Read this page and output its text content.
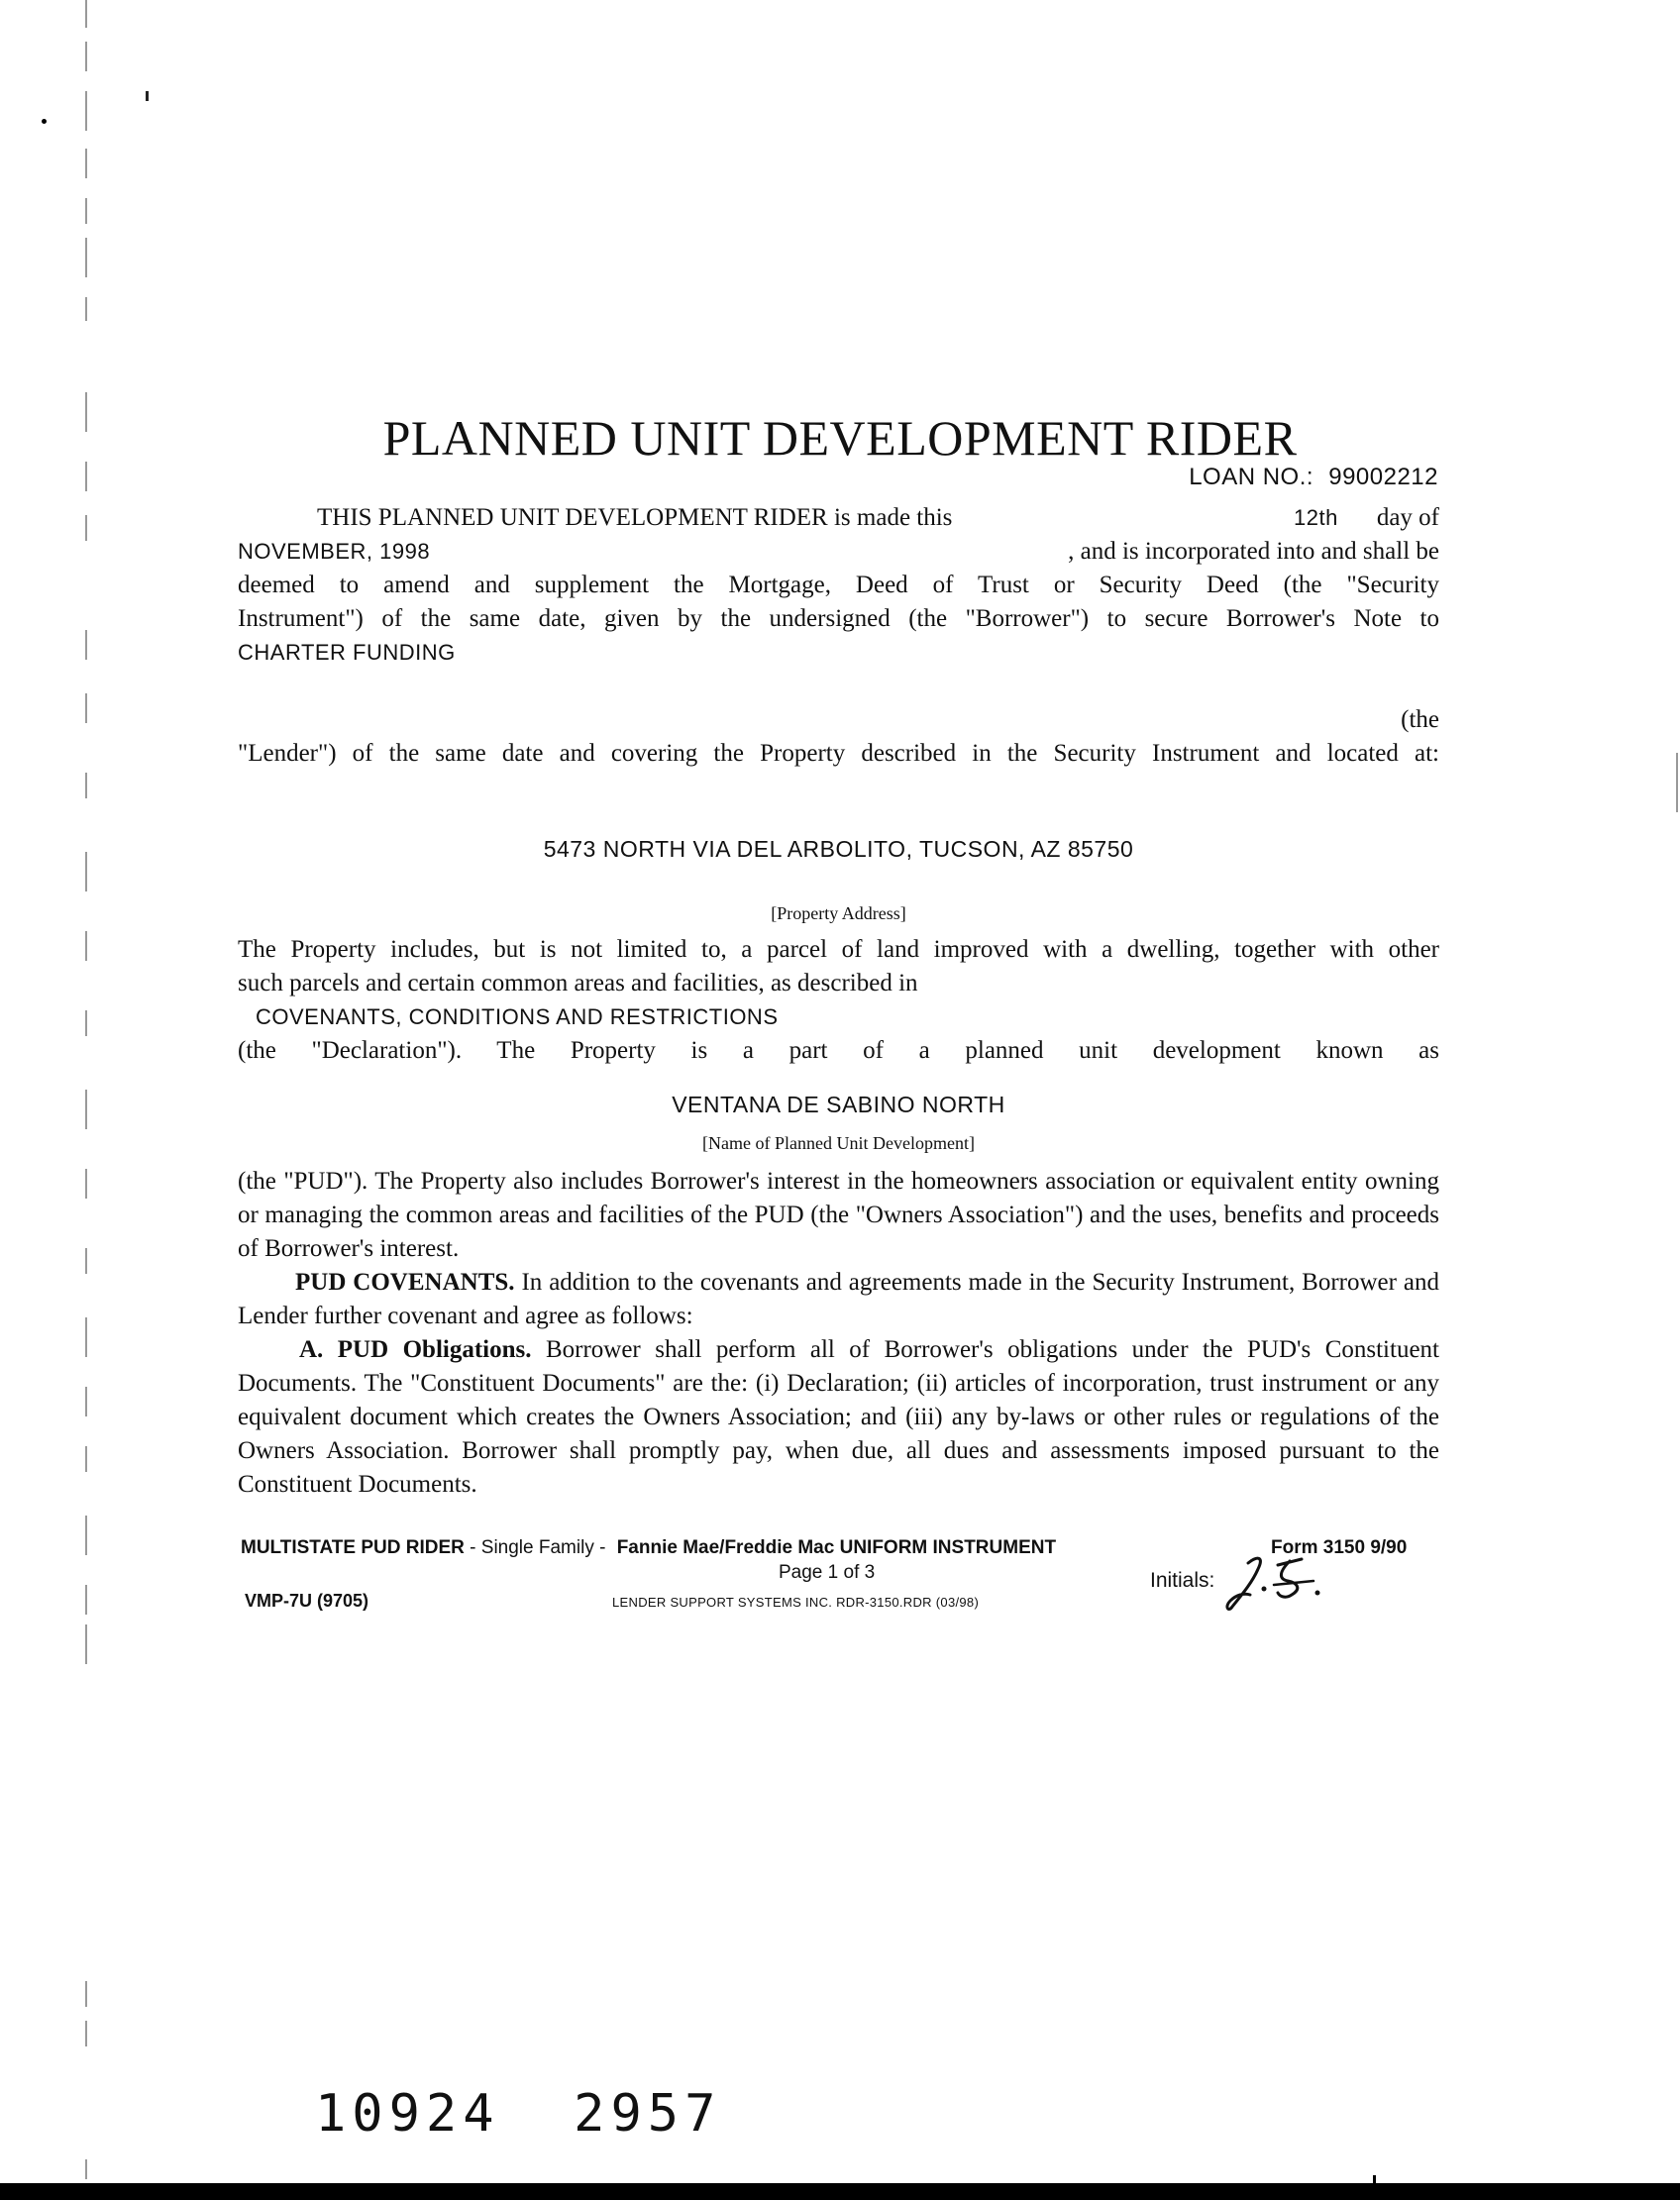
PLANNED UNIT DEVELOPMENT RIDER
LOAN NO.: 99002212
THIS PLANNED UNIT DEVELOPMENT RIDER is made this	12th day of
NOVEMBER, 1998	, and is incorporated into and shall be
deemed to amend and supplement the Mortgage, Deed of Trust or Security Deed (the "Security
Instrument") of the same date, given by the undersigned (the "Borrower") to secure Borrower's Note to
CHARTER FUNDING
(the
"Lender") of the same date and covering the Property described in the Security Instrument and located at:
5473 NORTH VIA DEL ARBOLITO, TUCSON, AZ 85750
[Property Address]
The Property includes, but is not limited to, a parcel of land improved with a dwelling, together with other
such parcels and certain common areas and facilities, as described in
COVENANTS, CONDITIONS AND RESTRICTIONS
(the "Declaration"). The Property is a part of a planned unit development known as
VENTANA DE SABINO NORTH
[Name of Planned Unit Development]
(the "PUD"). The Property also includes Borrower's interest in the homeowners association or equivalent entity owning or managing the common areas and facilities of the PUD (the "Owners Association") and the uses, benefits and proceeds of Borrower's interest.
PUD COVENANTS. In addition to the covenants and agreements made in the Security Instrument, Borrower and Lender further covenant and agree as follows:
A. PUD Obligations. Borrower shall perform all of Borrower's obligations under the PUD's Constituent Documents. The "Constituent Documents" are the: (i) Declaration; (ii) articles of incorporation, trust instrument or any equivalent document which creates the Owners Association; and (iii) any by-laws or other rules or regulations of the Owners Association. Borrower shall promptly pay, when due, all dues and assessments imposed pursuant to the Constituent Documents.
MULTISTATE PUD RIDER - Single Family - Fannie Mae/Freddie Mac UNIFORM INSTRUMENT	Form 3150 9/90
Page 1 of 3	Initials:
VMP-7U (9705)	LENDER SUPPORT SYSTEMS INC. RDR-3150.RDR (03/98)
10924  2957
